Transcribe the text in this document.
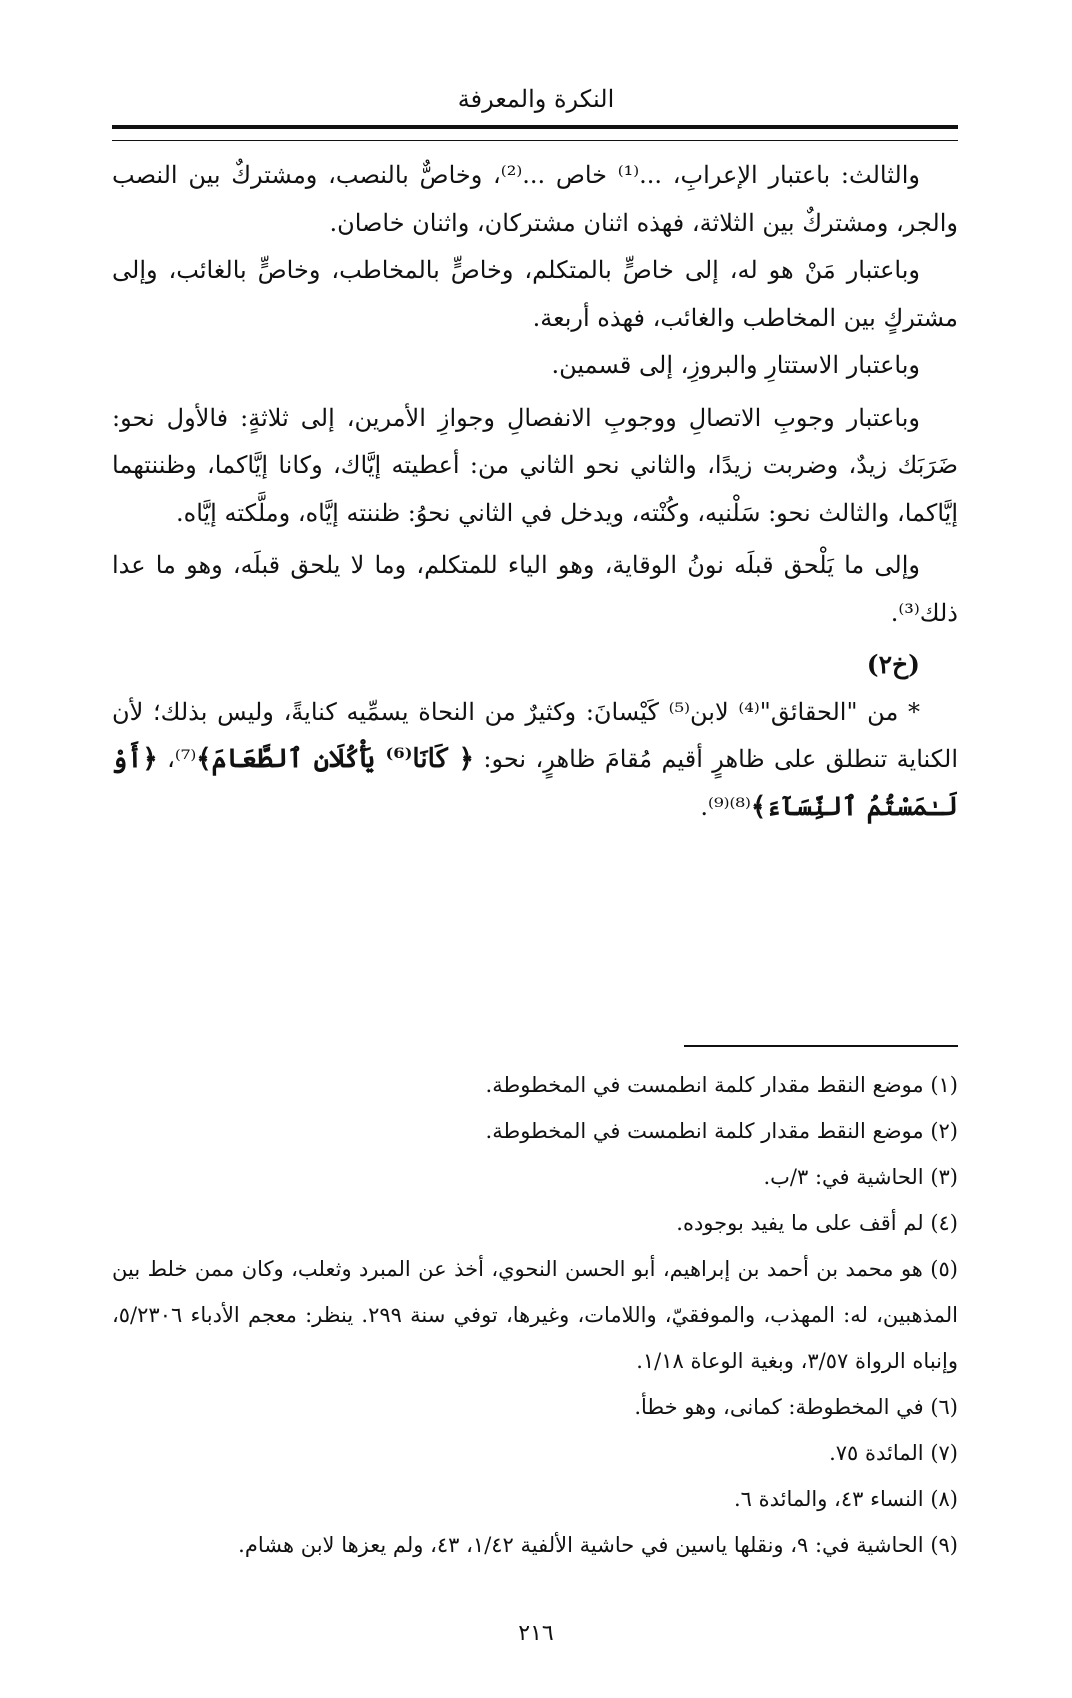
النكرة والمعرفة

والثالث: باعتبار الإعرابِ، ...⁽¹⁾ خاص ...⁽²⁾، وخاصٌّ بالنصب، ومشتركٌ بين النصب والجر، ومشتركٌ بين الثلاثة، فهذه اثنان مشتركان، واثنان خاصان.

وباعتبار مَنْ هو له، إلى خاصٍّ بالمتكلم، وخاصٍّ بالمخاطب، وخاصٍّ بالغائب، وإلى مشتركٍ بين المخاطب والغائب، فهذه أربعة.

وباعتبار الاستتارِ والبروزِ، إلى قسمين.

وباعتبار وجوبِ الاتصالِ ووجوبِ الانفصالِ وجوازِ الأمرين، إلى ثلاثةٍ: فالأول نحو: ضَرَبَك زيدٌ، وضربت زيدًا، والثاني نحو الثاني من: أعطيته إيَّاك، وكانا إيَّاكما، وظننتهما إيَّاكما، والثالث نحو: سَلْنيه، وكُنْته، ويدخل في الثاني نحوُ: ظننته إيَّاه، وملَّكته إيَّاه.

وإلى ما يَلْحق قبلَه نونُ الوقاية، وهو الياء للمتكلم، وما لا يلحق قبلَه، وهو ما عدا ذلك⁽³⁾.

(خ٢)

* من "الحقائق"⁽⁴⁾ لابن⁽⁵⁾ كَيْسانَ: وكثيرٌ من النحاة يسمِّيه كنايةً، وليس بذلك؛ لأن الكناية تنطلق على ظاهرٍ أقيم مُقامَ ظاهرٍ، نحو: ﴿ كَانَا⁽⁶⁾ يَأْكُلَانِ ٱلطَّعَامَ﴾⁽⁷⁾، ﴿أَوْ لَـٰمَسْتُمُ ٱلنِّسَآءَ﴾⁽⁸⁾⁽⁹⁾.

(١) موضع النقط مقدار كلمة انطمست في المخطوطة.

(٢) موضع النقط مقدار كلمة انطمست في المخطوطة.

(٣) الحاشية في: ٣/ب.

(٤) لم أقف على ما يفيد بوجوده.

(٥) هو محمد بن أحمد بن إبراهيم، أبو الحسن النحوي، أخذ عن المبرد وثعلب، وكان ممن خلط بين المذهبين، له: المهذب، والموفقيّ، واللامات، وغيرها، توفي سنة ٢٩٩. ينظر: معجم الأدباء ٥/٢٣٠٦، وإنباه الرواة ٣/٥٧، وبغية الوعاة ١/١٨.

(٦) في المخطوطة: كمانى، وهو خطأ.

(٧) المائدة ٧٥.

(٨) النساء ٤٣، والمائدة ٦.

(٩) الحاشية في: ٩، ونقلها ياسين في حاشية الألفية ١/٤٢، ٤٣، ولم يعزها لابن هشام.

٢١٦
